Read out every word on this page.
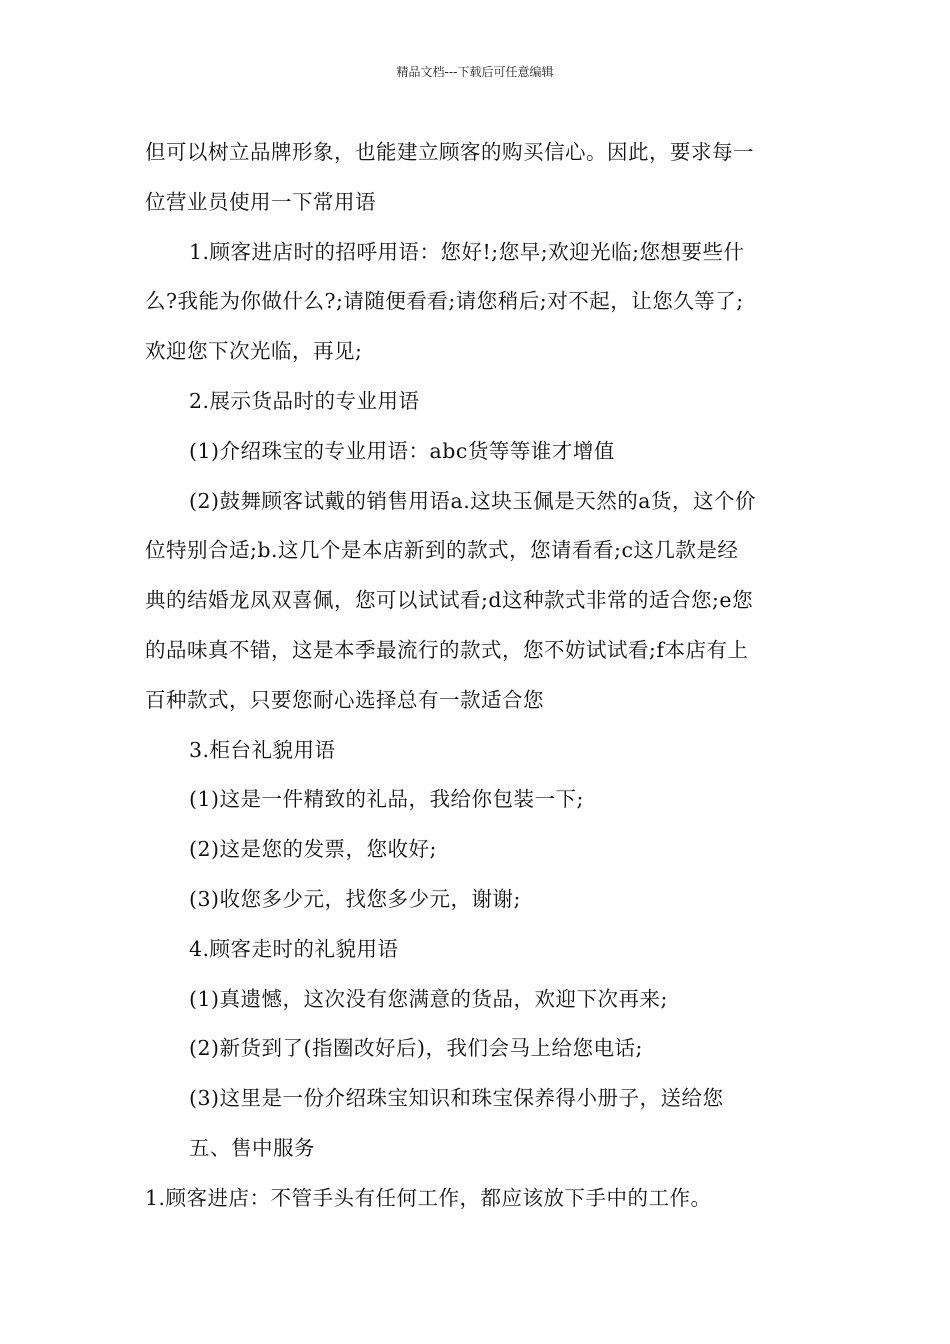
精品文档---下载后可任意编辑
但可以树立品牌形象，也能建立顾客的购买信心。因此，要求每一
位营业员使用一下常用语
1.顾客进店时的招呼用语：您好!;您早;欢迎光临;您想要些什
么?我能为你做什么?;请随便看看;请您稍后;对不起，让您久等了;
欢迎您下次光临，再见;
2.展示货品时的专业用语
(1)介绍珠宝的专业用语：abc货等等谁才增值
(2)鼓舞顾客试戴的销售用语a.这块玉佩是天然的a货，这个价
位特别合适;b.这几个是本店新到的款式，您请看看;c这几款是经
典的结婚龙凤双喜佩，您可以试试看;d这种款式非常的适合您;e您
的品味真不错，这是本季最流行的款式，您不妨试试看;f本店有上
百种款式，只要您耐心选择总有一款适合您
3.柜台礼貌用语
(1)这是一件精致的礼品，我给你包装一下;
(2)这是您的发票，您收好;
(3)收您多少元，找您多少元，谢谢;
4.顾客走时的礼貌用语
(1)真遗憾，这次没有您满意的货品，欢迎下次再来;
(2)新货到了(指圈改好后)，我们会马上给您电话;
(3)这里是一份介绍珠宝知识和珠宝保养得小册子，送给您
五、售中服务
1.顾客进店：不管手头有任何工作，都应该放下手中的工作。
